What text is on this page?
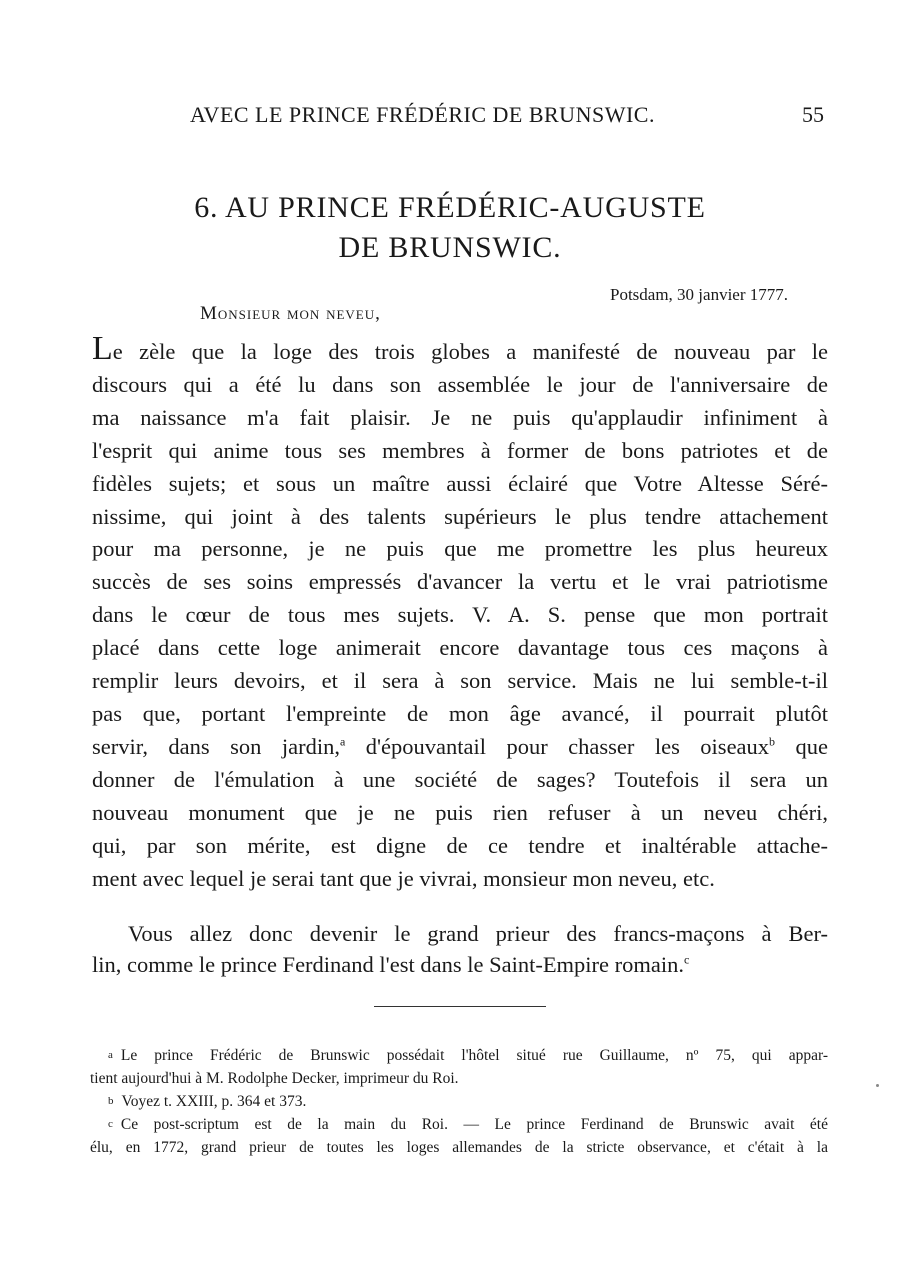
AVEC LE PRINCE FRÉDÉRIC DE BRUNSWIC.	55
6. AU PRINCE FRÉDÉRIC-AUGUSTE
DE BRUNSWIC.
Potsdam, 30 janvier 1777.
Monsieur mon neveu,
Le zèle que la loge des trois globes a manifesté de nouveau par le
discours qui a été lu dans son assemblée le jour de l'anniversaire de
ma naissance m'a fait plaisir. Je ne puis qu'applaudir infiniment à
l'esprit qui anime tous ses membres à former de bons patriotes et de
fidèles sujets; et sous un maître aussi éclairé que Votre Altesse Séré-
nissime, qui joint à des talents supérieurs le plus tendre attachement
pour ma personne, je ne puis que me promettre les plus heureux
succès de ses soins empressés d'avancer la vertu et le vrai patriotisme
dans le cœur de tous mes sujets. V. A. S. pense que mon portrait
placé dans cette loge animerait encore davantage tous ces maçons à
remplir leurs devoirs, et il sera à son service. Mais ne lui semble-t-il
pas que, portant l'empreinte de mon âge avancé, il pourrait plutôt
servir, dans son jardin,$^a$ d'épouvantail pour chasser les oiseaux$^b$ que
donner de l'émulation à une société de sages? Toutefois il sera un
nouveau monument que je ne puis rien refuser à un neveu chéri,
qui, par son mérite, est digne de ce tendre et inaltérable attache-
ment avec lequel je serai tant que je vivrai, monsieur mon neveu, etc.
Vous allez donc devenir le grand prieur des francs-maçons à Ber-
lin, comme le prince Ferdinand l'est dans le Saint-Empire romain.$^c$
a Le prince Frédéric de Brunswic possédait l'hôtel situé rue Guillaume, nº 75, qui appar-
tient aujourd'hui à M. Rodolphe Decker, imprimeur du Roi.
b Voyez t. XXIII, p. 364 et 373.
c Ce post-scriptum est de la main du Roi. — Le prince Ferdinand de Brunswic avait été
élu, en 1772, grand prieur de toutes les loges allemandes de la stricte observance, et c'était à la
